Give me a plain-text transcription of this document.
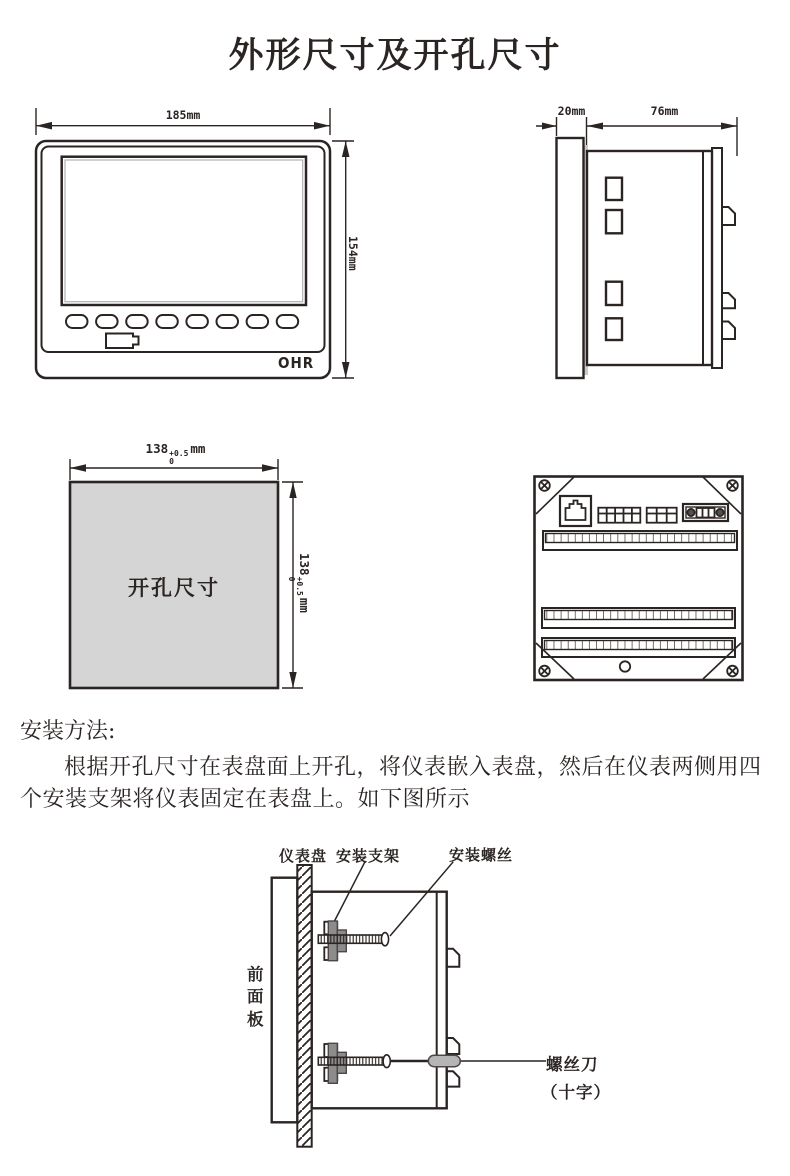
外形尺寸及开孔尺寸
185mm
154mm
OHR
20mm	76mm
138 +0.5
0
mm
138
+0.5
0
mm
开孔尺寸
安装方法:

根据开孔尺寸在表盘面上开孔，将仪表嵌入表盘，然后在仪表两侧用四个安装支架将仪表固定在表盘上。如下图所示

仪表盘 安装支架	安装螺丝
前面板
螺丝刀
（十字）
